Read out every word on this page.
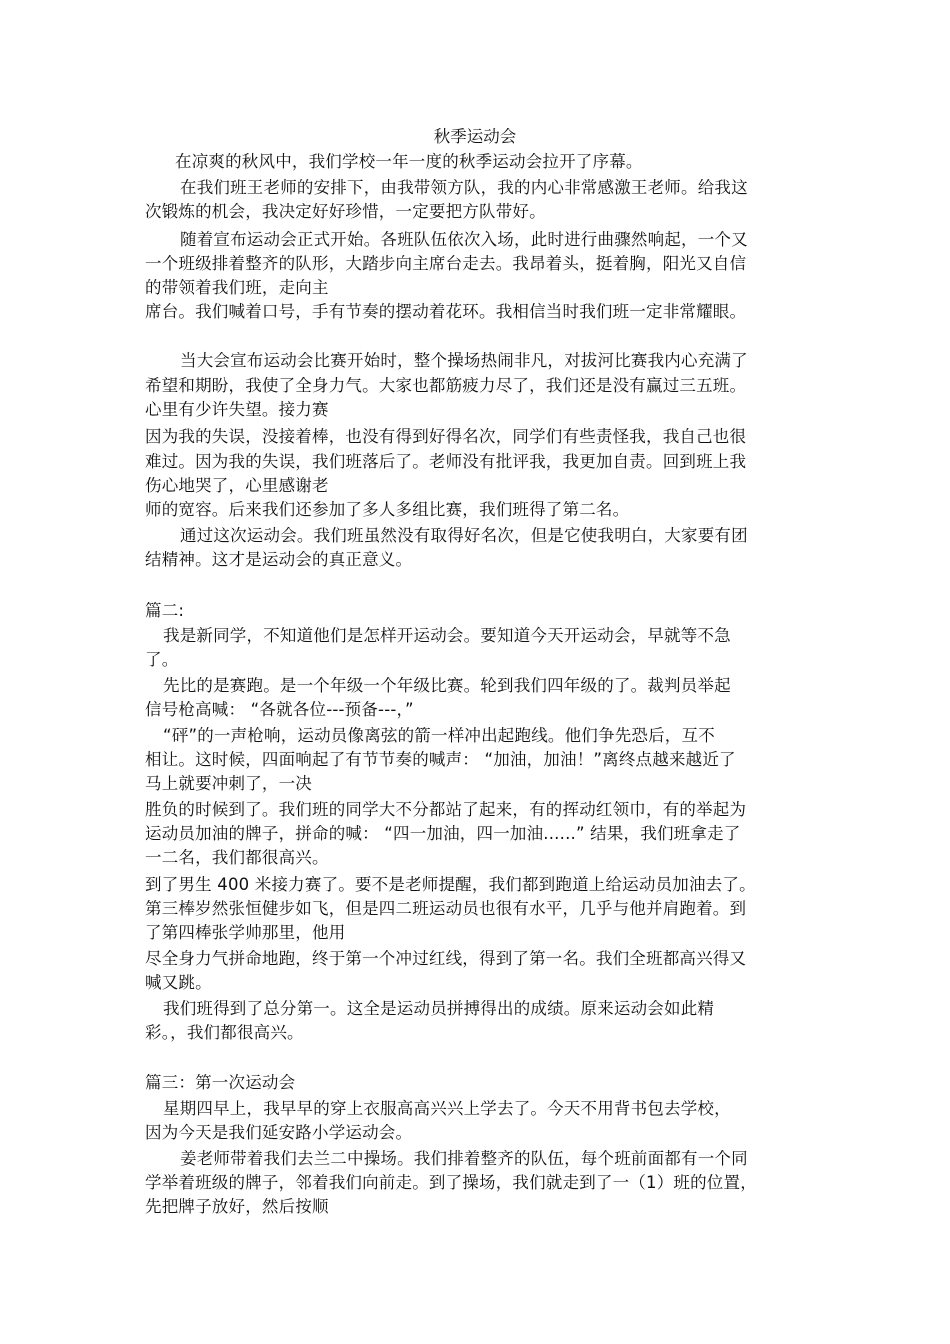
秋季运动会
在凉爽的秋风中，我们学校一年一度的秋季运动会拉开了序幕。
在我们班王老师的安排下，由我带领方队，我的内心非常感激王老师。给我这
次锻炼的机会，我决定好好珍惜，一定要把方队带好。
随着宣布运动会正式开始。各班队伍依次入场，此时进行曲骤然响起，一个又
一个班级排着整齐的队形，大踏步向主席台走去。我昂着头，挺着胸，阳光又自信
的带领着我们班，走向主
席台。我们喊着口号，手有节奏的摆动着花环。我相信当时我们班一定非常耀眼。
当大会宣布运动会比赛开始时，整个操场热闹非凡，对拔河比赛我内心充满了
希望和期盼，我使了全身力气。大家也都筋疲力尽了，我们还是没有赢过三五班。
心里有少许失望。接力赛
因为我的失误，没接着棒，也没有得到好得名次，同学们有些责怪我，我自己也很
难过。因为我的失误，我们班落后了。老师没有批评我，我更加自责。回到班上我
伤心地哭了，心里感谢老
师的宽容。后来我们还参加了多人多组比赛，我们班得了第二名。
通过这次运动会。我们班虽然没有取得好名次，但是它使我明白，大家要有团
结精神。这才是运动会的真正意义。
篇二:
我是新同学，不知道他们是怎样开运动会。要知道今天开运动会，早就等不急
了。
先比的是赛跑。是一个年级一个年级比赛。轮到我们四年级的了。裁判员举起
信号枪高喊： “各就各位---预备---，”
“砰”的一声枪响，运动员像离弦的箭一样冲出起跑线。他们争先恐后，互不
相让。这时候，四面响起了有节节奏的喊声： “加油，加油！”离终点越来越近了
马上就要冲刺了，一决
胜负的时候到了。我们班的同学大不分都站了起来，有的挥动红领巾，有的举起为
运动员加油的牌子，拼命的喊： “四一加油，四一加油......” 结果，我们班拿走了
一二名，我们都很高兴。
到了男生 400 米接力赛了。要不是老师提醒，我们都到跑道上给运动员加油去了。
第三棒岁然张恒健步如飞，但是四二班运动员也很有水平，几乎与他并肩跑着。到
了第四棒张学帅那里，他用
尽全身力气拼命地跑，终于第一个冲过红线，得到了第一名。我们全班都高兴得又
喊又跳。
我们班得到了总分第一。这全是运动员拼搏得出的成绩。原来运动会如此精
彩。，我们都很高兴。
篇三：第一次运动会
星期四早上，我早早的穿上衣服高高兴兴上学去了。今天不用背书包去学校，
因为今天是我们延安路小学运动会。
姜老师带着我们去兰二中操场。我们排着整齐的队伍，每个班前面都有一个同
学举着班级的牌子，邻着我们向前走。到了操场，我们就走到了一（1）班的位置，
先把牌子放好，然后按顺
